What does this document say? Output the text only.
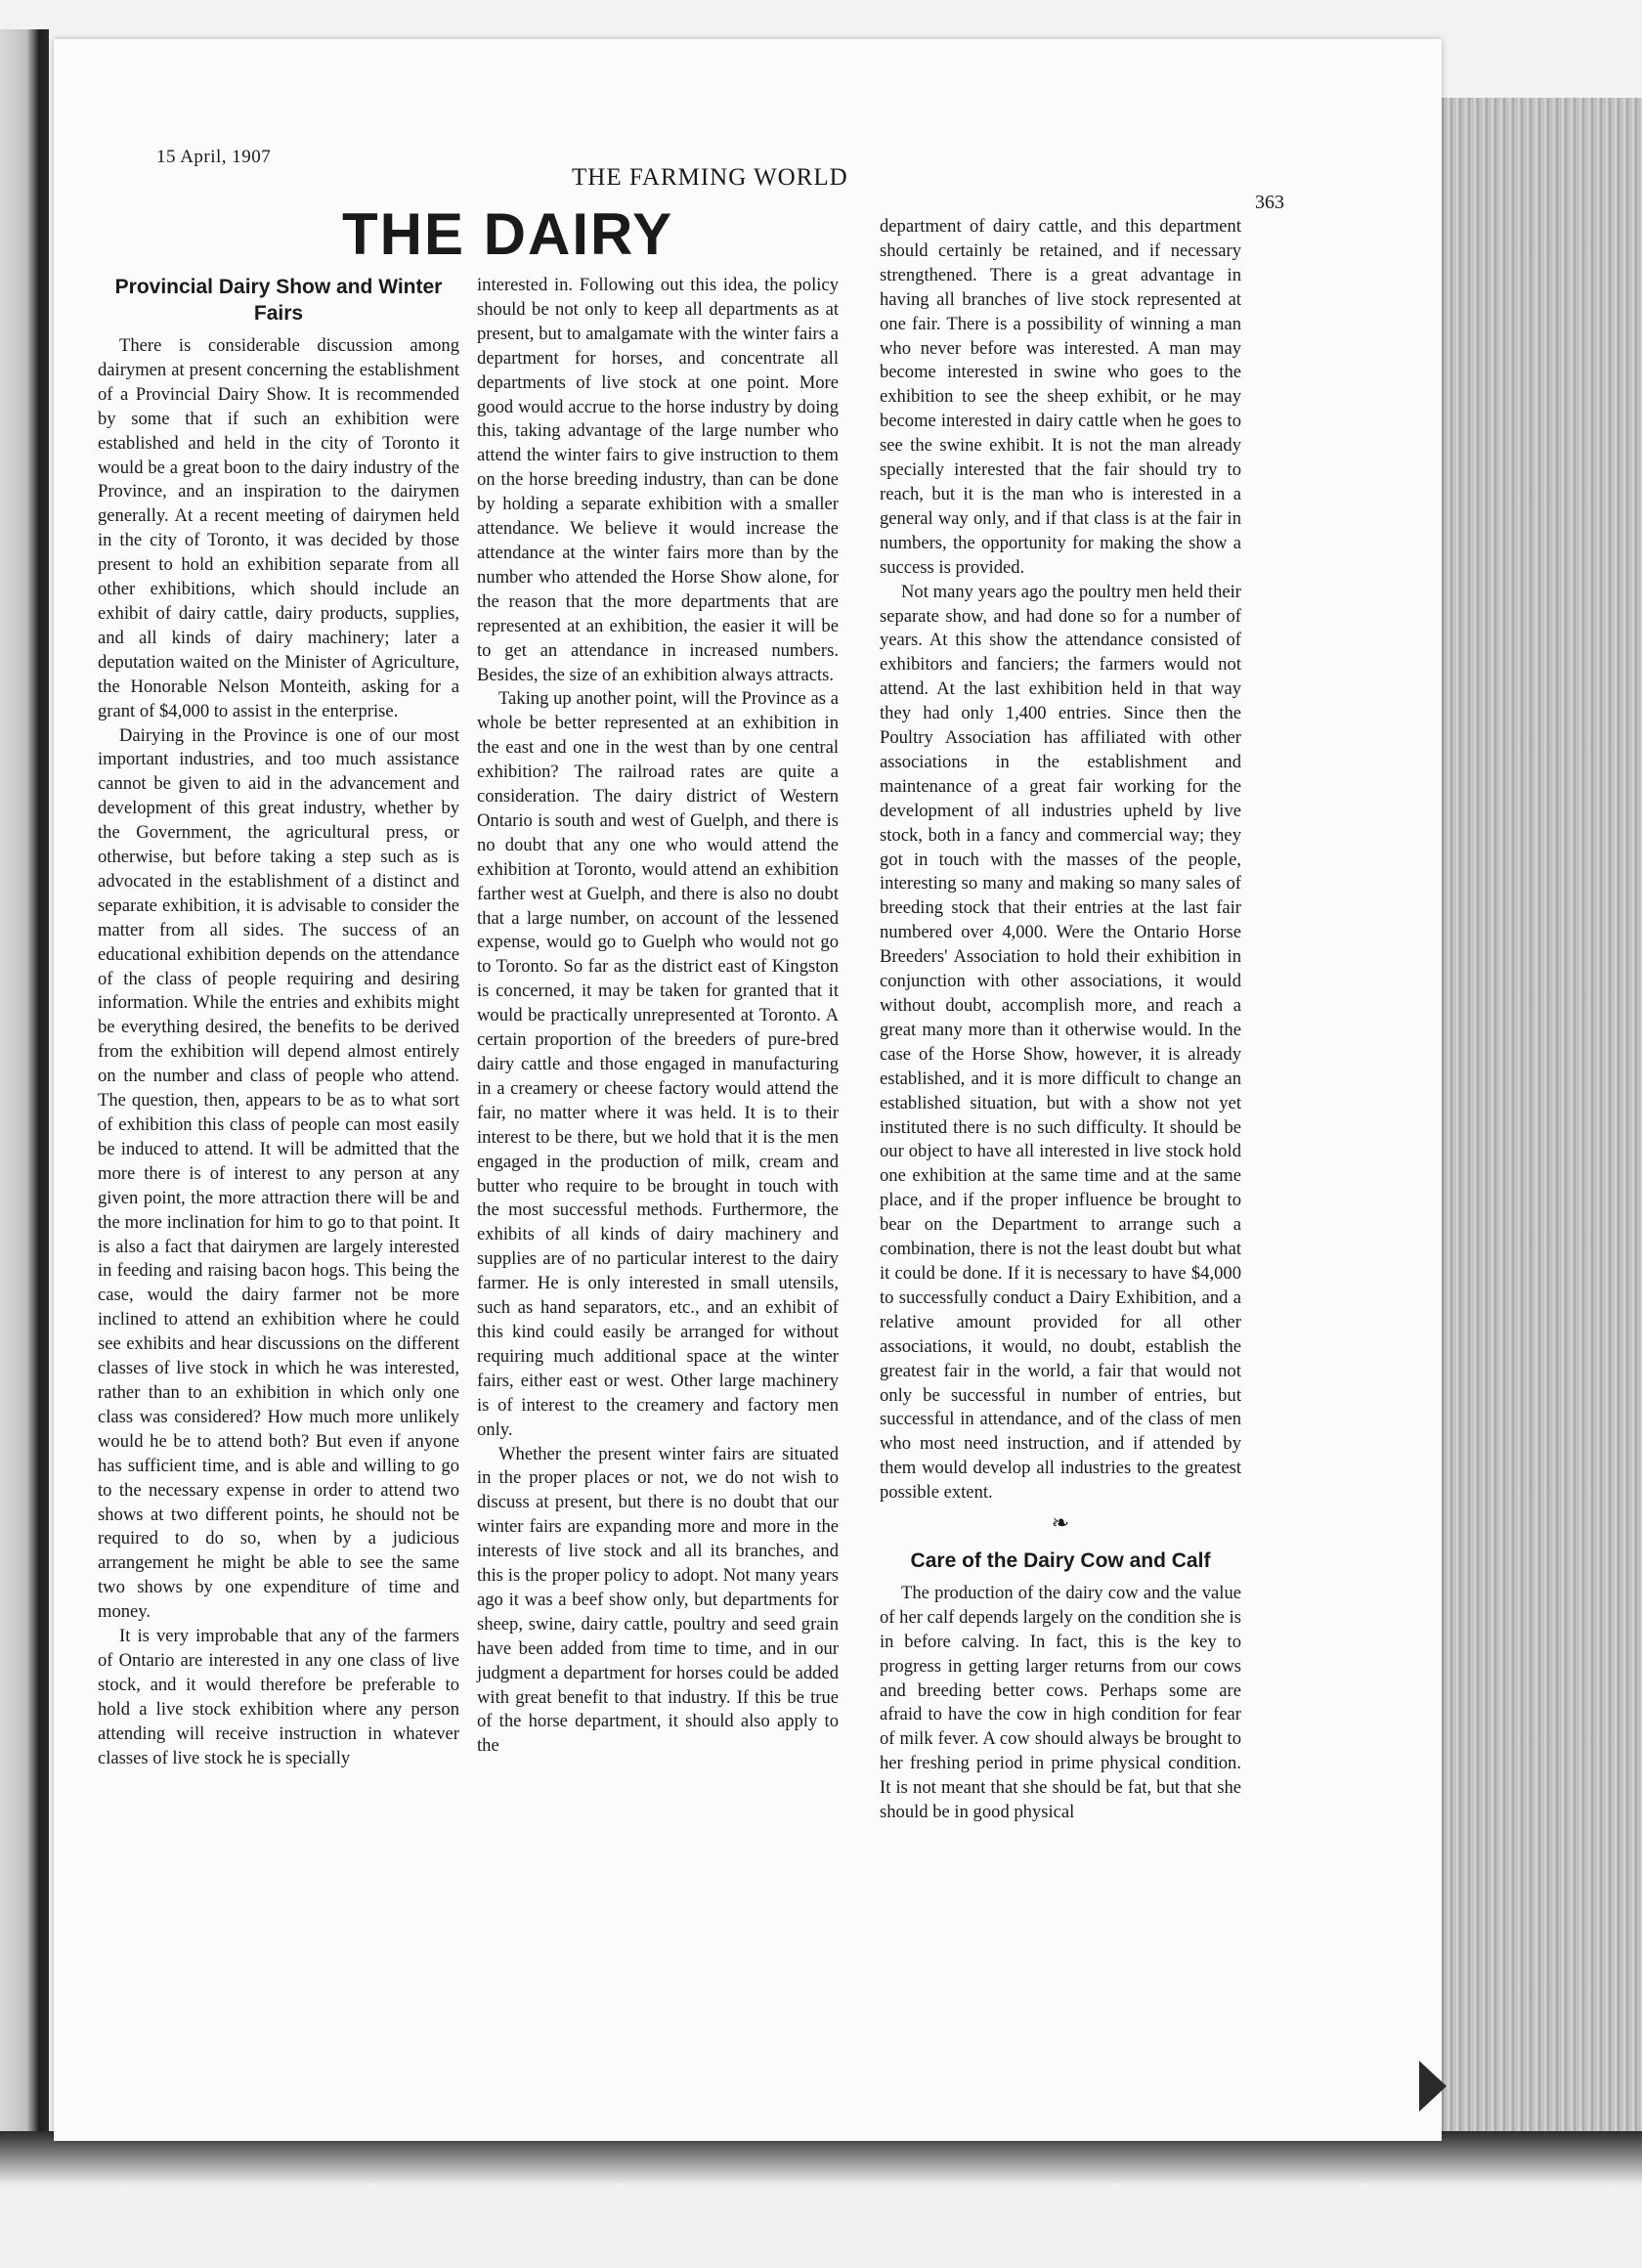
15 April, 1907
THE FARMING WORLD
363
THE DAIRY
Provincial Dairy Show and Winter Fairs

There is considerable discussion among dairymen at present concerning the establishment of a Provincial Dairy Show. It is recommended by some that if such an exhibition were established and held in the city of Toronto it would be a great boon to the dairy industry of the Province, and an inspiration to the dairymen generally. At a recent meeting of dairymen held in the city of Toronto, it was decided by those present to hold an exhibition separate from all other exhibitions, which should include an exhibit of dairy cattle, dairy products, supplies, and all kinds of dairy machinery; later a deputation waited on the Minister of Agriculture, the Honorable Nelson Monteith, asking for a grant of $4,000 to assist in the enterprise.

Dairying in the Province is one of our most important industries, and too much assistance cannot be given to aid in the advancement and development of this great industry, whether by the Government, the agricultural press, or otherwise, but before taking a step such as is advocated in the establishment of a distinct and separate exhibition, it is advisable to consider the matter from all sides. The success of an educational exhibition depends on the attendance of the class of people requiring and desiring information. While the entries and exhibits might be everything desired, the benefits to be derived from the exhibition will depend almost entirely on the number and class of people who attend. The question, then, appears to be as to what sort of exhibition this class of people can most easily be induced to attend. It will be admitted that the more there is of interest to any person at any given point, the more attraction there will be and the more inclination for him to go to that point. It is also a fact that dairymen are largely interested in feeding and raising bacon hogs. This being the case, would the dairy farmer not be more inclined to attend an exhibition where he could see exhibits and hear discussions on the different classes of live stock in which he was interested, rather than to an exhibition in which only one class was considered? How much more unlikely would he be to attend both? But even if anyone has sufficient time, and is able and willing to go to the necessary expense in order to attend two shows at two different points, he should not be required to do so, when by a judicious arrangement he might be able to see the same two shows by one expenditure of time and money.

It is very improbable that any of the farmers of Ontario are interested in any one class of live stock, and it would therefore be preferable to hold a live stock exhibition where any person attending will receive instruction in whatever classes of live stock he is specially

interested in. Following out this idea, the policy should be not only to keep all departments as at present, but to amalgamate with the winter fairs a department for horses, and concentrate all departments of live stock at one point. More good would accrue to the horse industry by doing this, taking advantage of the large number who attend the winter fairs to give instruction to them on the horse breeding industry, than can be done by holding a separate exhibition with a smaller attendance. We believe it would increase the attendance at the winter fairs more than by the number who attended the Horse Show alone, for the reason that the more departments that are represented at an exhibition, the easier it will be to get an attendance in increased numbers. Besides, the size of an exhibition always attracts.

Taking up another point, will the Province as a whole be better represented at an exhibition in the east and one in the west than by one central exhibition? The railroad rates are quite a consideration. The dairy district of Western Ontario is south and west of Guelph, and there is no doubt that any one who would attend the exhibition at Toronto, would attend an exhibition farther west at Guelph, and there is also no doubt that a large number, on account of the lessened expense, would go to Guelph who would not go to Toronto. So far as the district east of Kingston is concerned, it may be taken for granted that it would be practically unrepresented at Toronto. A certain proportion of the breeders of pure-bred dairy cattle and those engaged in manufacturing in a creamery or cheese factory would attend the fair, no matter where it was held. It is to their interest to be there, but we hold that it is the men engaged in the production of milk, cream and butter who require to be brought in touch with the most successful methods. Furthermore, the exhibits of all kinds of dairy machinery and supplies are of no particular interest to the dairy farmer. He is only interested in small utensils, such as hand separators, etc., and an exhibit of this kind could easily be arranged for without requiring much additional space at the winter fairs, either east or west. Other large machinery is of interest to the creamery and factory men only.

Whether the present winter fairs are situated in the proper places or not, we do not wish to discuss at present, but there is no doubt that our winter fairs are expanding more and more in the interests of live stock and all its branches, and this is the proper policy to adopt. Not many years ago it was a beef show only, but departments for sheep, swine, dairy cattle, poultry and seed grain have been added from time to time, and in our judgment a department for horses could be added with great benefit to that industry. If this be true of the horse department, it should also apply to the

department of dairy cattle, and this department should certainly be retained, and if necessary strengthened. There is a great advantage in having all branches of live stock represented at one fair. There is a possibility of winning a man who never before was interested. A man may become interested in swine who goes to the exhibition to see the sheep exhibit, or he may become interested in dairy cattle when he goes to see the swine exhibit. It is not the man already specially interested that the fair should try to reach, but it is the man who is interested in a general way only, and if that class is at the fair in numbers, the opportunity for making the show a success is provided.

Not many years ago the poultry men held their separate show, and had done so for a number of years. At this show the attendance consisted of exhibitors and fanciers; the farmers would not attend. At the last exhibition held in that way they had only 1,400 entries. Since then the Poultry Association has affiliated with other associations in the establishment and maintenance of a great fair working for the development of all industries upheld by live stock, both in a fancy and commercial way; they got in touch with the masses of the people, interesting so many and making so many sales of breeding stock that their entries at the last fair numbered over 4,000. Were the Ontario Horse Breeders' Association to hold their exhibition in conjunction with other associations, it would without doubt, accomplish more, and reach a great many more than it otherwise would. In the case of the Horse Show, however, it is already established, and it is more difficult to change an established situation, but with a show not yet instituted there is no such difficulty. It should be our object to have all interested in live stock hold one exhibition at the same time and at the same place, and if the proper influence be brought to bear on the Department to arrange such a combination, there is not the least doubt but what it could be done. If it is necessary to have $4,000 to successfully conduct a Dairy Exhibition, and a relative amount provided for all other associations, it would, no doubt, establish the greatest fair in the world, a fair that would not only be successful in number of entries, but successful in attendance, and of the class of men who most need instruction, and if attended by them would develop all industries to the greatest possible extent.

❧
Care of the Dairy Cow and Calf

The production of the dairy cow and the value of her calf depends largely on the condition she is in before calving. In fact, this is the key to progress in getting larger returns from our cows and breeding better cows. Perhaps some are afraid to have the cow in high condition for fear of milk fever. A cow should always be brought to her freshing period in prime physical condition. It is not meant that she should be fat, but that she should be in good physical
